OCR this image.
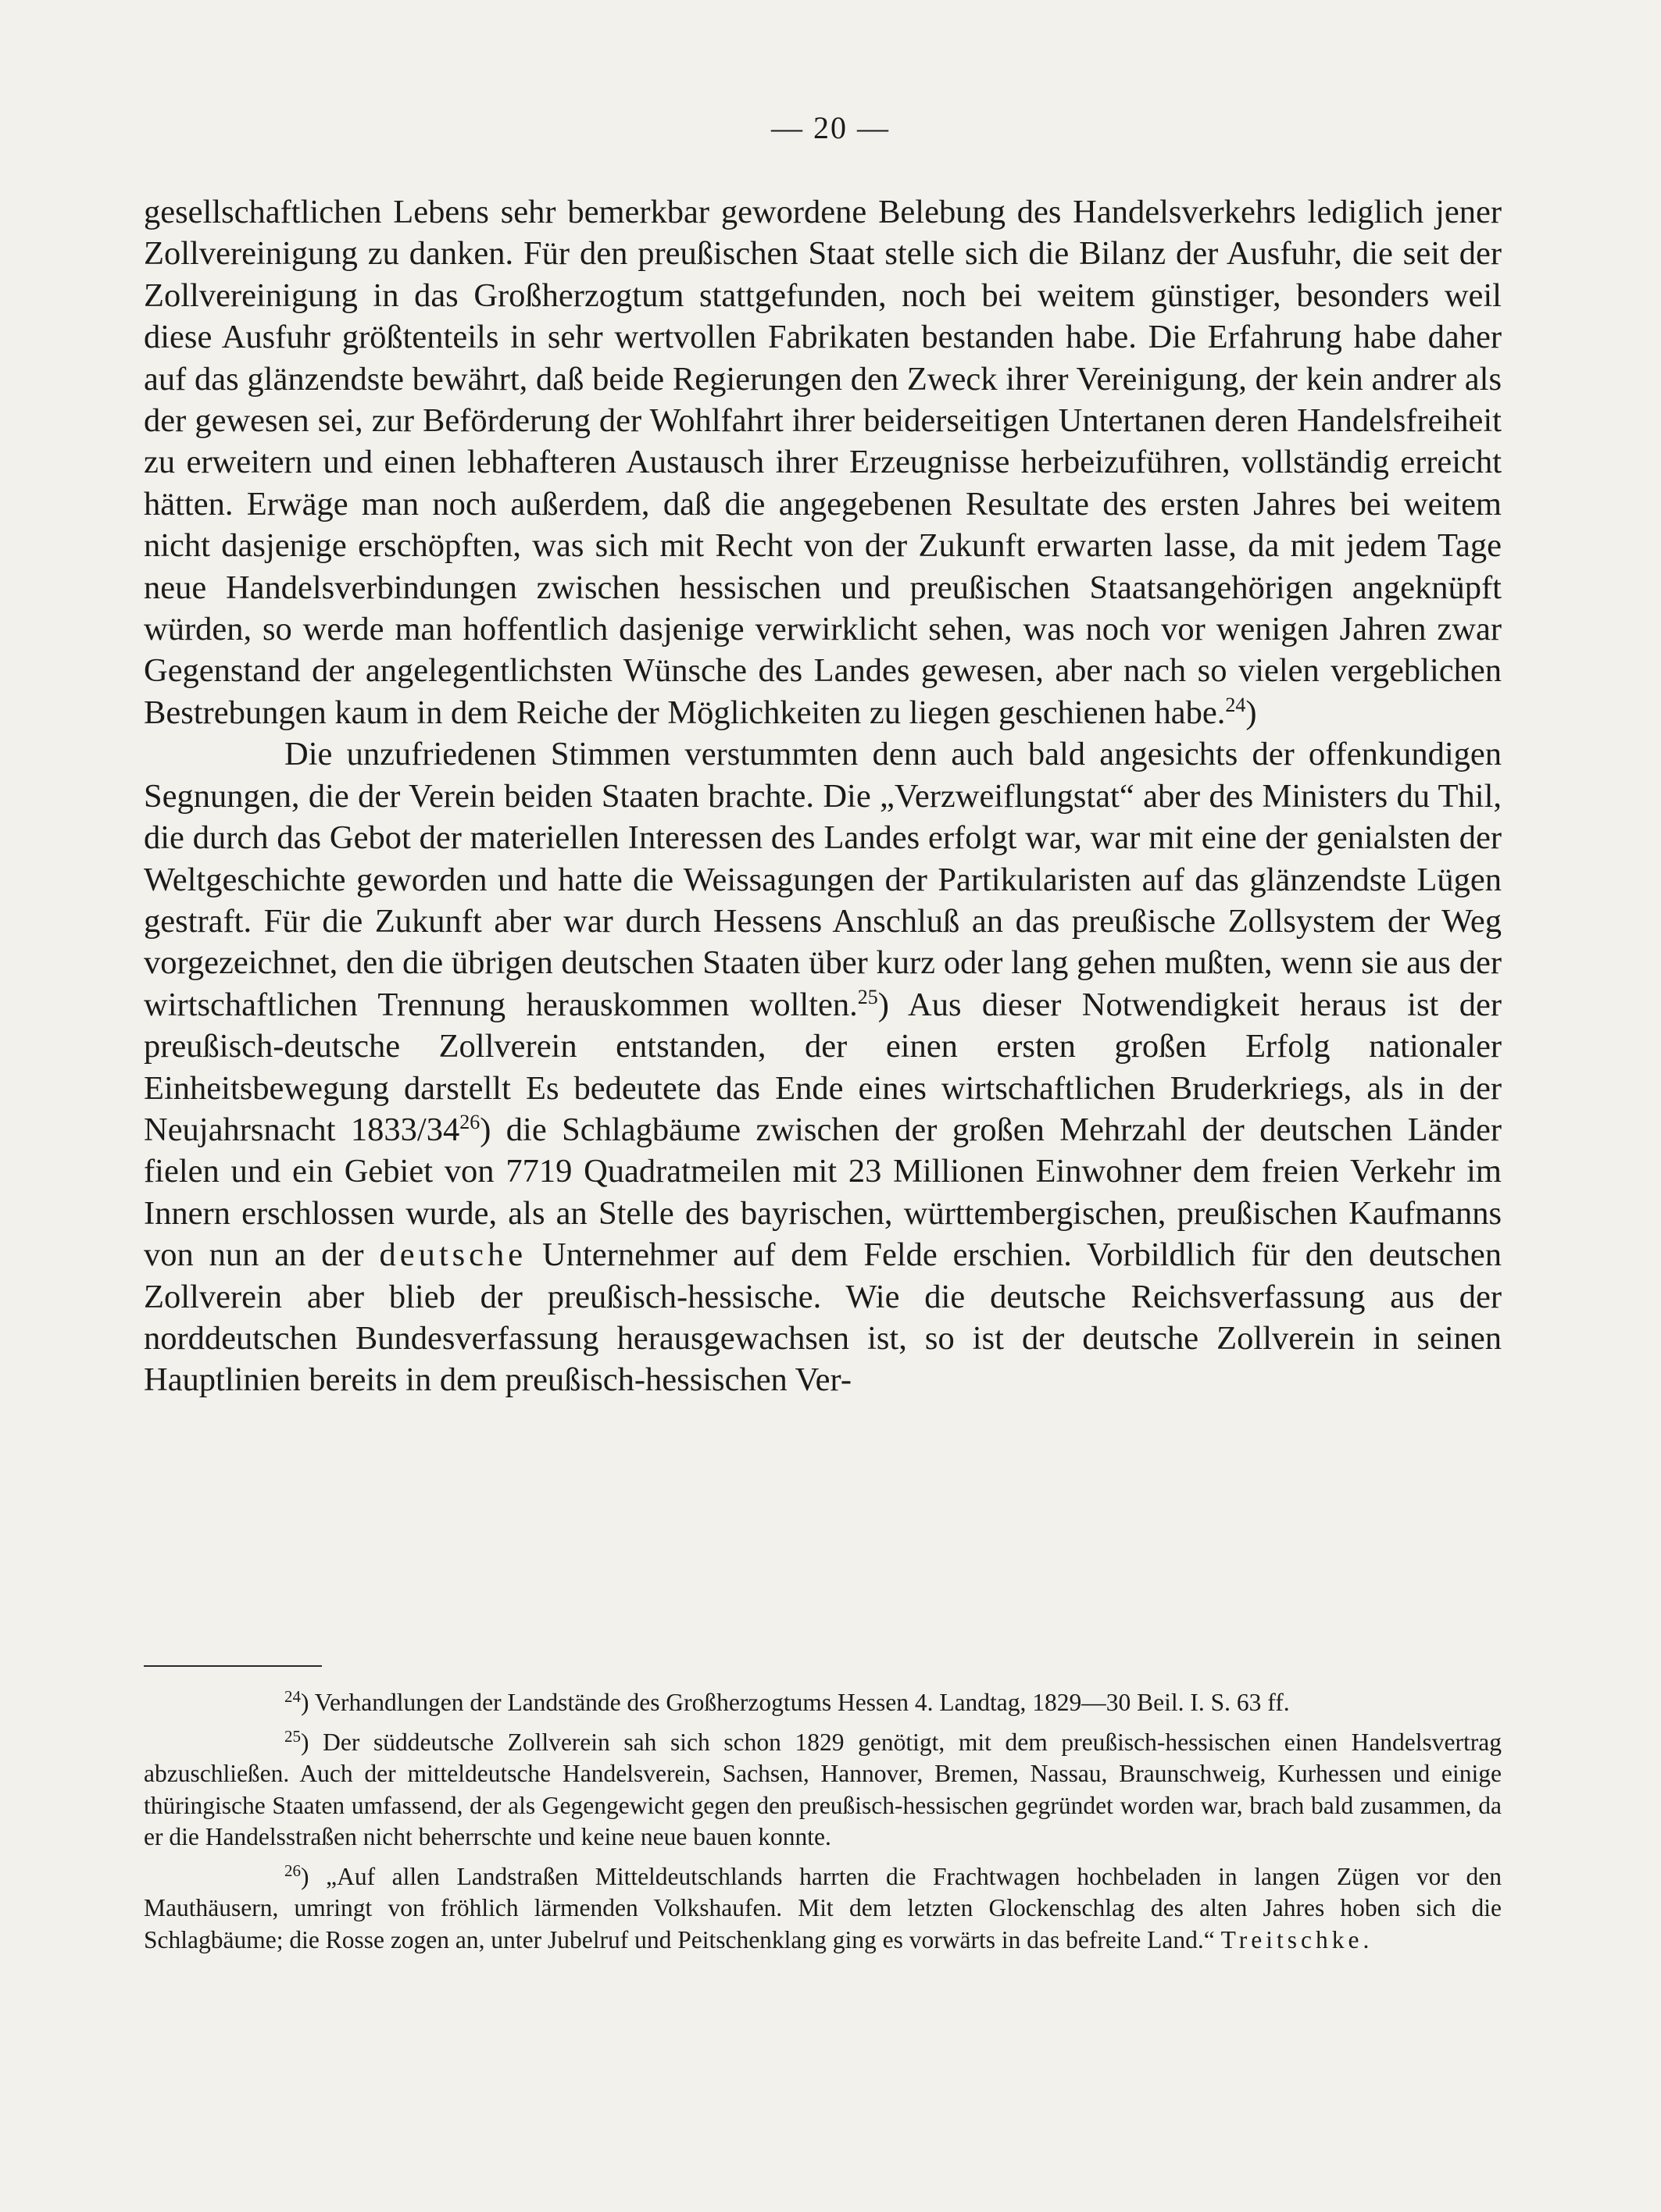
— 20 —

gesellschaftlichen Lebens sehr bemerkbar gewordene Belebung des Handelsverkehrs lediglich jener Zollvereinigung zu danken. Für den preußischen Staat stelle sich die Bilanz der Ausfuhr, die seit der Zollvereinigung in das Großherzogtum stattgefunden, noch bei weitem günstiger, besonders weil diese Ausfuhr größtenteils in sehr wertvollen Fabrikaten bestanden habe. Die Erfahrung habe daher auf das glänzendste bewährt, daß beide Regierungen den Zweck ihrer Vereinigung, der kein andrer als der gewesen sei, zur Beförderung der Wohlfahrt ihrer beiderseitigen Untertanen deren Handelsfreiheit zu erweitern und einen lebhafteren Austausch ihrer Erzeugnisse herbeizuführen, vollständig erreicht hätten. Erwäge man noch außerdem, daß die angegebenen Resultate des ersten Jahres bei weitem nicht dasjenige erschöpften, was sich mit Recht von der Zukunft erwarten lasse, da mit jedem Tage neue Handelsverbindungen zwischen hessischen und preußischen Staatsangehörigen angeknüpft würden, so werde man hoffentlich dasjenige verwirklicht sehen, was noch vor wenigen Jahren zwar Gegenstand der angelegentlichsten Wünsche des Landes gewesen, aber nach so vielen vergeblichen Bestrebungen kaum in dem Reiche der Möglichkeiten zu liegen geschienen habe.$^{24}$)

Die unzufriedenen Stimmen verstummten denn auch bald angesichts der offenkundigen Segnungen, die der Verein beiden Staaten brachte. Die „Verzweiflungstat“ aber des Ministers du Thil, die durch das Gebot der materiellen Interessen des Landes erfolgt war, war mit eine der genialsten der Weltgeschichte geworden und hatte die Weissagungen der Partikularisten auf das glänzendste Lügen gestraft. Für die Zukunft aber war durch Hessens Anschluß an das preußische Zollsystem der Weg vorgezeichnet, den die übrigen deutschen Staaten über kurz oder lang gehen mußten, wenn sie aus der wirtschaftlichen Trennung herauskommen wollten.$^{25}$) Aus dieser Notwendigkeit heraus ist der preußisch-deutsche Zollverein entstanden, der einen ersten großen Erfolg nationaler Einheitsbewegung darstellt Es bedeutete das Ende eines wirtschaftlichen Bruderkriegs, als in der Neujahrsnacht $1833/34^{26}$) die Schlagbäume zwischen der großen Mehrzahl der deutschen Länder fielen und ein Gebiet von 7719 Quadratmeilen mit 23 Millionen Einwohner dem freien Verkehr im Innern erschlossen wurde, als an Stelle des bayrischen, württembergischen, preußischen Kaufmanns von nun an der deutsche Unternehmer auf dem Felde erschien. Vorbildlich für den deutschen Zollverein aber blieb der preußisch-hessische. Wie die deutsche Reichsverfassung aus der norddeutschen Bundesverfassung herausgewachsen ist, so ist der deutsche Zollverein in seinen Hauptlinien bereits in dem preußisch-hessischen Ver-

$^{24}$) Verhandlungen der Landstände des Großherzogtums Hessen 4. Landtag, 1829—30 Beil. I. S. 63 ff.

$^{25}$) Der süddeutsche Zollverein sah sich schon 1829 genötigt, mit dem preußisch-hessischen einen Handelsvertrag abzuschließen. Auch der mitteldeutsche Handelsverein, Sachsen, Hannover, Bremen, Nassau, Braunschweig, Kurhessen und einige thüringische Staaten umfassend, der als Gegengewicht gegen den preußisch-hessischen gegründet worden war, brach bald zusammen, da er die Handelsstraßen nicht beherrschte und keine neue bauen konnte.

$^{26}$) „Auf allen Landstraßen Mitteldeutschlands harrten die Frachtwagen hochbeladen in langen Zügen vor den Mauthäusern, umringt von fröhlich lärmenden Volkshaufen. Mit dem letzten Glockenschlag des alten Jahres hoben sich die Schlagbäume; die Rosse zogen an, unter Jubelruf und Peitschenklang ging es vorwärts in das befreite Land.“ Treitschke.
